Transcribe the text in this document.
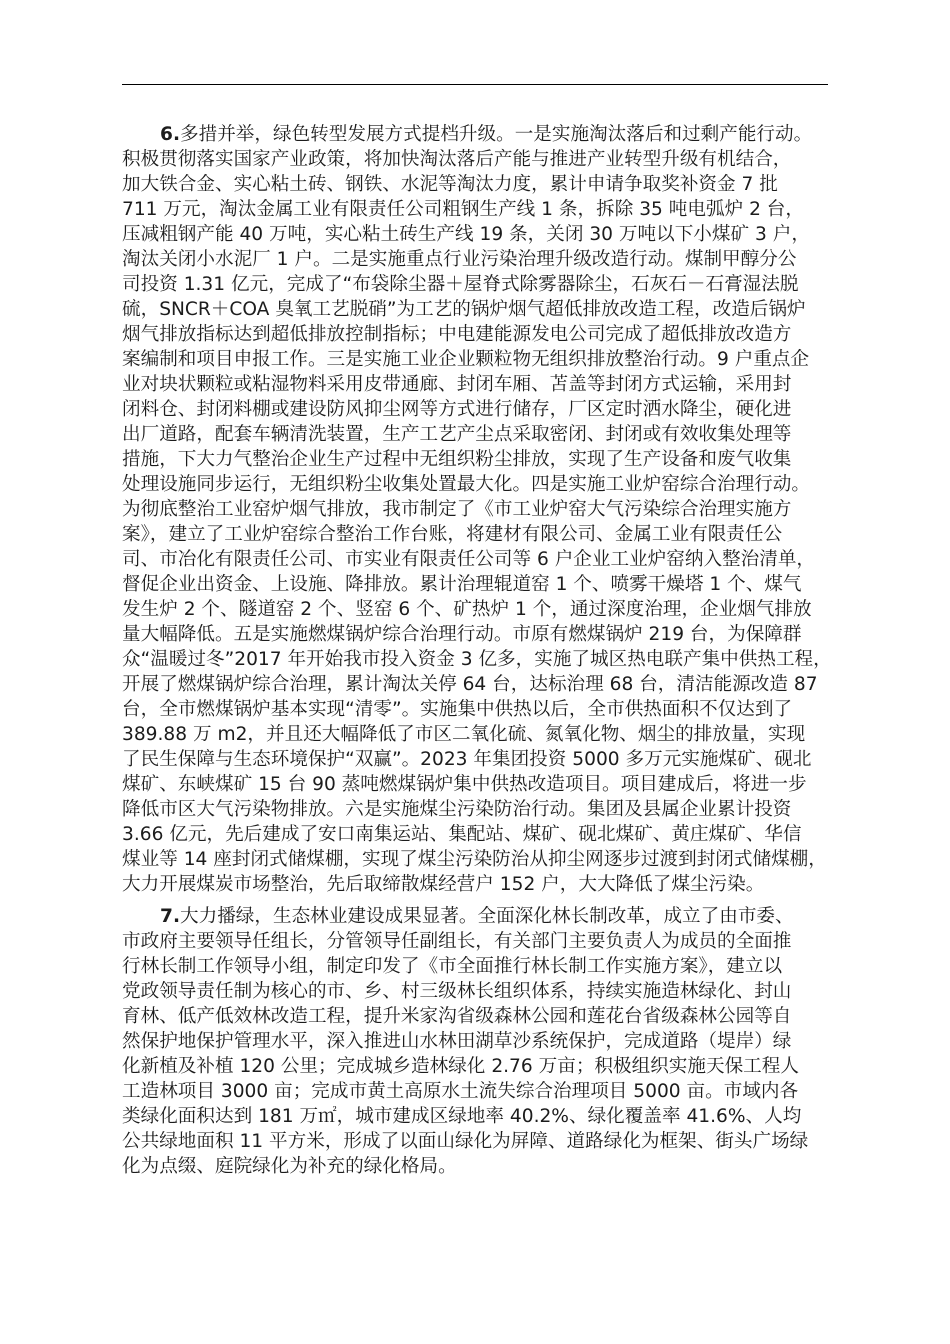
6.多措并举，绿色转型发展方式提档升级。一是实施淘汰落后和过剩产能行动。
积极贯彻落实国家产业政策，将加快淘汰落后产能与推进产业转型升级有机结合，
加大铁合金、实心粘土砖、钢铁、水泥等淘汰力度，累计申请争取奖补资金 7 批
711 万元，淘汰金属工业有限责任公司粗钢生产线 1 条，拆除 35 吨电弧炉 2 台，
压减粗钢产能 40 万吨，实心粘土砖生产线 19 条，关闭 30 万吨以下小煤矿 3 户，
淘汰关闭小水泥厂 1 户。二是实施重点行业污染治理升级改造行动。煤制甲醇分公
司投资 1.31 亿元，完成了“布袋除尘器＋屋脊式除雾器除尘，石灰石－石膏湿法脱
硫，SNCR＋COA 臭氧工艺脱硝”为工艺的锅炉烟气超低排放改造工程，改造后锅炉
烟气排放指标达到超低排放控制指标；中电建能源发电公司完成了超低排放改造方
案编制和项目申报工作。三是实施工业企业颗粒物无组织排放整治行动。9 户重点企
业对块状颗粒或粘湿物料采用皮带通廊、封闭车厢、苫盖等封闭方式运输，采用封
闭料仓、封闭料棚或建设防风抑尘网等方式进行储存，厂区定时洒水降尘，硬化进
出厂道路，配套车辆清洗装置，生产工艺产尘点采取密闭、封闭或有效收集处理等
措施，下大力气整治企业生产过程中无组织粉尘排放，实现了生产设备和废气收集
处理设施同步运行，无组织粉尘收集处置最大化。四是实施工业炉窑综合治理行动。
为彻底整治工业窑炉烟气排放，我市制定了《市工业炉窑大气污染综合治理实施方
案》，建立了工业炉窑综合整治工作台账，将建材有限公司、金属工业有限责任公
司、市冶化有限责任公司、市实业有限责任公司等 6 户企业工业炉窑纳入整治清单，
督促企业出资金、上设施、降排放。累计治理辊道窑 1 个、喷雾干燥塔 1 个、煤气
发生炉 2 个、隧道窑 2 个、竖窑 6 个、矿热炉 1 个，通过深度治理，企业烟气排放
量大幅降低。五是实施燃煤锅炉综合治理行动。市原有燃煤锅炉 219 台，为保障群
众“温暖过冬”2017 年开始我市投入资金 3 亿多，实施了城区热电联产集中供热工程，
开展了燃煤锅炉综合治理，累计淘汰关停 64 台，达标治理 68 台，清洁能源改造 87
台，全市燃煤锅炉基本实现“清零”。实施集中供热以后，全市供热面积不仅达到了
389.88 万 m2，并且还大幅降低了市区二氧化硫、氮氧化物、烟尘的排放量，实现
了民生保障与生态环境保护“双赢”。2023 年集团投资 5000 多万元实施煤矿、砚北
煤矿、东峡煤矿 15 台 90 蒸吨燃煤锅炉集中供热改造项目。项目建成后，将进一步
降低市区大气污染物排放。六是实施煤尘污染防治行动。集团及县属企业累计投资
3.66 亿元，先后建成了安口南集运站、集配站、煤矿、砚北煤矿、黄庄煤矿、华信
煤业等 14 座封闭式储煤棚，实现了煤尘污染防治从抑尘网逐步过渡到封闭式储煤棚，
大力开展煤炭市场整治，先后取缔散煤经营户 152 户，大大降低了煤尘污染。
7.大力播绿，生态林业建设成果显著。全面深化林长制改革，成立了由市委、
市政府主要领导任组长，分管领导任副组长，有关部门主要负责人为成员的全面推
行林长制工作领导小组，制定印发了《市全面推行林长制工作实施方案》，建立以
党政领导责任制为核心的市、乡、村三级林长组织体系，持续实施造林绿化、封山
育林、低产低效林改造工程，提升米家沟省级森林公园和莲花台省级森林公园等自
然保护地保护管理水平，深入推进山水林田湖草沙系统保护，完成道路（堤岸）绿
化新植及补植 120 公里；完成城乡造林绿化 2.76 万亩；积极组织实施天保工程人
工造林项目 3000 亩；完成市黄土高原水土流失综合治理项目 5000 亩。市域内各
类绿化面积达到 181 万㎡，城市建成区绿地率 40.2%、绿化覆盖率 41.6%、人均
公共绿地面积 11 平方米，形成了以面山绿化为屏障、道路绿化为框架、街头广场绿
化为点缀、庭院绿化为补充的绿化格局。
